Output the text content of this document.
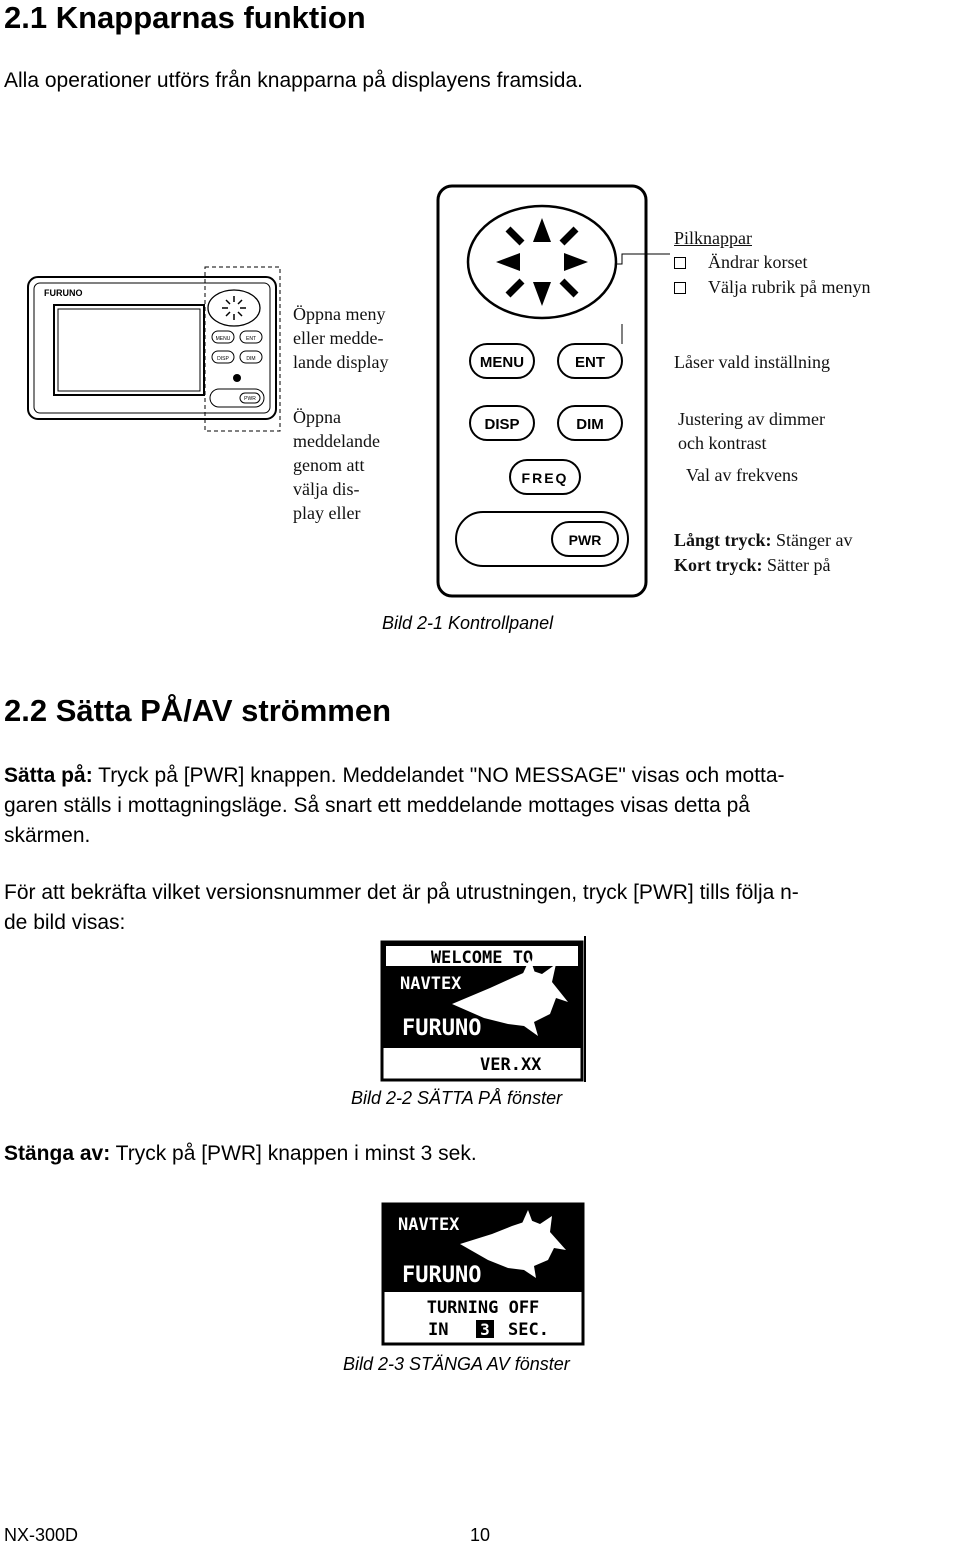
2.1 Knapparnas funktion
Alla operationer utförs från knapparna på displayens framsida.
FURUNO
MENU	ENT
DISP	DIM
PWR
Öppna meny
eller medde-
lande display
Öppna
meddelande
genom att
välja dis-
play eller
MENU	ENT
DISP	DIM
FREQ
PWR
Pilknappar
Ändrar korset
Välja rubrik på menyn
Låser vald inställning
Justering av dimmer
och kontrast
Val av frekvens
Långt tryck: Stänger av
Kort tryck: Sätter på
Bild 2-1 Kontrollpanel
2.2 Sätta PÅ/AV strömmen
Sätta på: Tryck på [PWR] knappen. Meddelandet "NO MESSAGE" visas och motta-
garen ställs i mottagningsläge. Så snart ett meddelande mottages visas detta på
skärmen.
För att bekräfta vilket versionsnummer det är på utrustningen, tryck [PWR] tills följa n-
de bild visas:
WELCOME TO
NAVTEX
FURUNO
VER.XX
Bild 2-2 SÄTTA PÅ fönster
Stänga av: Tryck på [PWR] knappen i minst 3 sek.
NAVTEX
FURUNO
TURNING OFF
IN 3 SEC.
Bild 2-3 STÄNGA AV fönster
NX-300D	10
